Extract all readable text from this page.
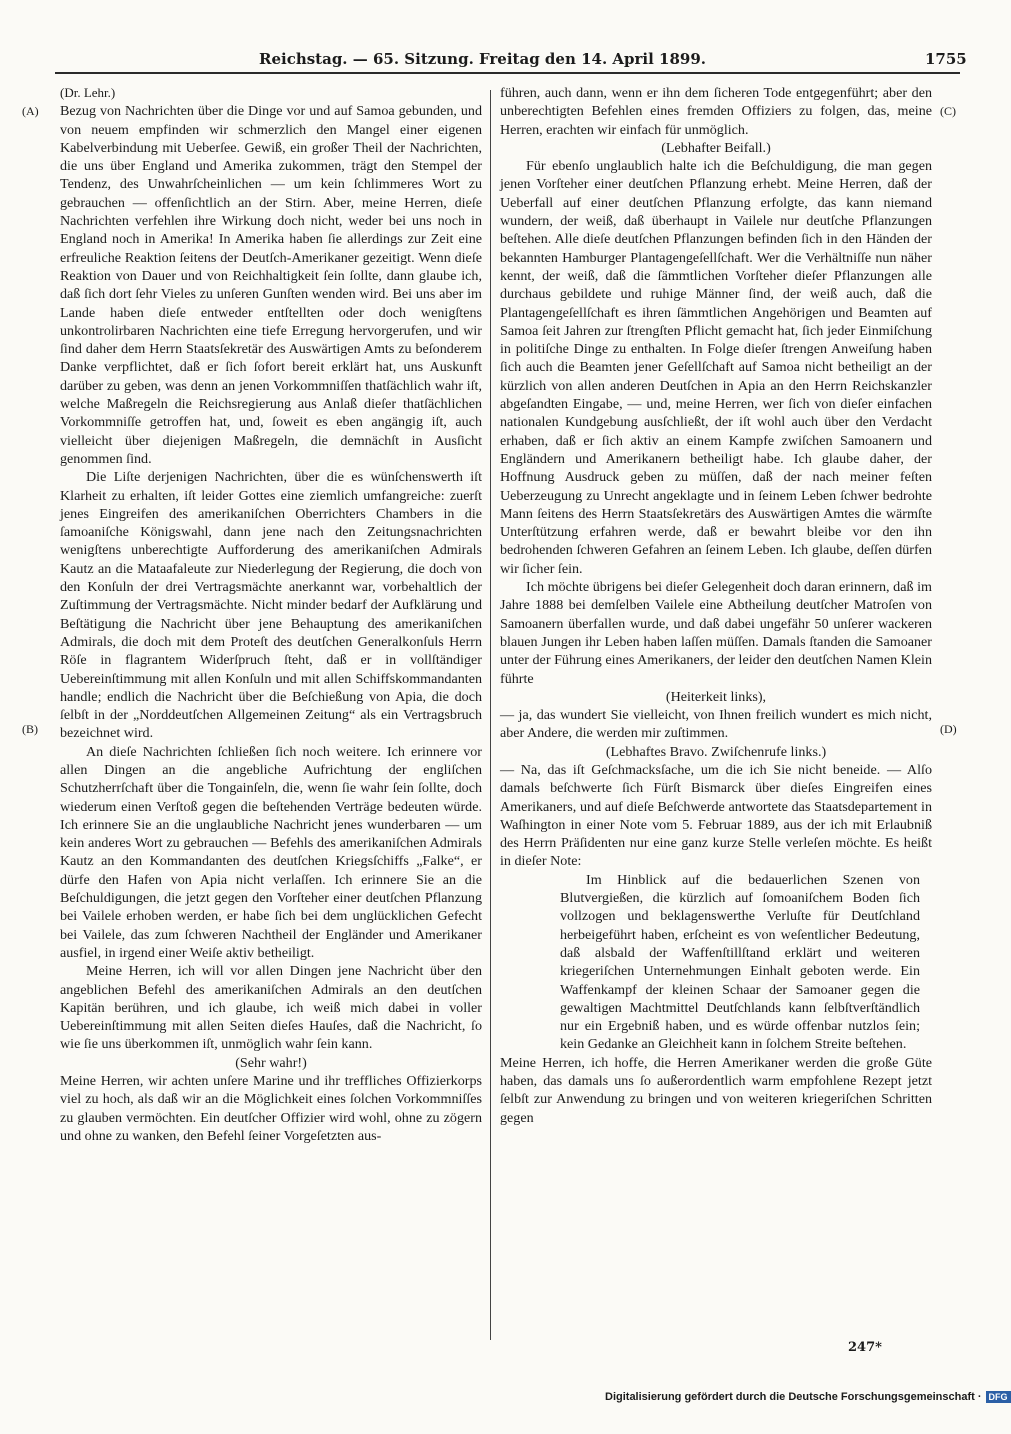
Reichstag. — 65. Sitzung. Freitag den 14. April 1899.	1755
(A)
(B)
(C)
(D)

(Dr. Lehr.)

Bezug von Nachrichten über die Dinge vor und auf Samoa gebunden, und von neuem empfinden wir schmerzlich den Mangel einer eigenen Kabelverbindung mit Ueberſee. Gewiß, ein großer Theil der Nachrichten, die uns über England und Amerika zukommen, trägt den Stempel der Tendenz, des Unwahrſcheinlichen — um kein ſchlimmeres Wort zu gebrauchen — offenſichtlich an der Stirn. Aber, meine Herren, dieſe Nachrichten verfehlen ihre Wirkung doch nicht, weder bei uns noch in England noch in Amerika! In Amerika haben ſie allerdings zur Zeit eine erfreuliche Reaktion ſeitens der Deutſch-Amerikaner gezeitigt. Wenn dieſe Reaktion von Dauer und von Reichhaltigkeit ſein ſollte, dann glaube ich, daß ſich dort ſehr Vieles zu unſeren Gunſten wenden wird. Bei uns aber im Lande haben dieſe entweder entſtellten oder doch wenigſtens unkontrolirbaren Nachrichten eine tiefe Erregung hervorgerufen, und wir ſind daher dem Herrn Staatsſekretär des Auswärtigen Amts zu beſonderem Danke verpflichtet, daß er ſich ſofort bereit erklärt hat, uns Auskunft darüber zu geben, was denn an jenen Vorkommniſſen thatſächlich wahr iſt, welche Maßregeln die Reichsregierung aus Anlaß dieſer thatſächlichen Vorkommniſſe getroffen hat, und, ſoweit es eben angängig iſt, auch vielleicht über diejenigen Maßregeln, die demnächſt in Ausſicht genommen ſind.

Die Liſte derjenigen Nachrichten, über die es wünſchenswerth iſt Klarheit zu erhalten, iſt leider Gottes eine ziemlich umfangreiche: zuerſt jenes Eingreifen des amerikaniſchen Oberrichters Chambers in die ſamoaniſche Königswahl, dann jene nach den Zeitungsnachrichten wenigſtens unberechtigte Aufforderung des amerikaniſchen Admirals Kautz an die Mataafaleute zur Niederlegung der Regierung, die doch von den Konſuln der drei Vertragsmächte anerkannt war, vorbehaltlich der Zuſtimmung der Vertragsmächte. Nicht minder bedarf der Aufklärung und Beſtätigung die Nachricht über jene Behauptung des amerikaniſchen Admirals, die doch mit dem Proteſt des deutſchen Generalkonſuls Herrn Röſe in flagrantem Widerſpruch ſteht, daß er in vollſtändiger Uebereinſtimmung mit allen Konſuln und mit allen Schiffskommandanten handle; endlich die Nachricht über die Beſchießung von Apia, die doch ſelbſt in der „Norddeutſchen Allgemeinen Zeitung“ als ein Vertragsbruch bezeichnet wird.

An dieſe Nachrichten ſchließen ſich noch weitere. Ich erinnere vor allen Dingen an die angebliche Aufrichtung der engliſchen Schutzherrſchaft über die Tongainſeln, die, wenn ſie wahr ſein ſollte, doch wiederum einen Verſtoß gegen die beſtehenden Verträge bedeuten würde. Ich erinnere Sie an die unglaubliche Nachricht jenes wunderbaren — um kein anderes Wort zu gebrauchen — Befehls des amerikaniſchen Admirals Kautz an den Kommandanten des deutſchen Kriegsſchiffs „Falke“, er dürfe den Hafen von Apia nicht verlaſſen. Ich erinnere Sie an die Beſchuldigungen, die jetzt gegen den Vorſteher einer deutſchen Pflanzung bei Vailele erhoben werden, er habe ſich bei dem unglücklichen Gefecht bei Vailele, das zum ſchweren Nachtheil der Engländer und Amerikaner ausfiel, in irgend einer Weiſe aktiv betheiligt.

Meine Herren, ich will vor allen Dingen jene Nachricht über den angeblichen Befehl des amerikaniſchen Admirals an den deutſchen Kapitän berühren, und ich glaube, ich weiß mich dabei in voller Uebereinſtimmung mit allen Seiten dieſes Hauſes, daß die Nachricht, ſo wie ſie uns überkommen iſt, unmöglich wahr ſein kann.

(Sehr wahr!)

Meine Herren, wir achten unſere Marine und ihr treffliches Offizierkorps viel zu hoch, als daß wir an die Möglichkeit eines ſolchen Vorkommniſſes zu glauben vermöchten. Ein deutſcher Offizier wird wohl, ohne zu zögern und ohne zu wanken, den Befehl ſeiner Vorgeſetzten aus-

führen, auch dann, wenn er ihn dem ſicheren Tode entgegenführt; aber den unberechtigten Befehlen eines fremden Offiziers zu folgen, das, meine Herren, erachten wir einfach für unmöglich.

(Lebhafter Beifall.)

Für ebenſo unglaublich halte ich die Beſchuldigung, die man gegen jenen Vorſteher einer deutſchen Pflanzung erhebt. Meine Herren, daß der Ueberfall auf einer deutſchen Pflanzung erfolgte, das kann niemand wundern, der weiß, daß überhaupt in Vailele nur deutſche Pflanzungen beſtehen. Alle dieſe deutſchen Pflanzungen befinden ſich in den Händen der bekannten Hamburger Plantagengeſellſchaft. Wer die Verhältniſſe nun näher kennt, der weiß, daß die ſämmtlichen Vorſteher dieſer Pflanzungen alle durchaus gebildete und ruhige Männer ſind, der weiß auch, daß die Plantagengeſellſchaft es ihren ſämmtlichen Angehörigen und Beamten auf Samoa ſeit Jahren zur ſtrengſten Pflicht gemacht hat, ſich jeder Einmiſchung in politiſche Dinge zu enthalten. In Folge dieſer ſtrengen Anweiſung haben ſich auch die Beamten jener Geſellſchaft auf Samoa nicht betheiligt an der kürzlich von allen anderen Deutſchen in Apia an den Herrn Reichskanzler abgeſandten Eingabe, — und, meine Herren, wer ſich von dieſer einfachen nationalen Kundgebung ausſchließt, der iſt wohl auch über den Verdacht erhaben, daß er ſich aktiv an einem Kampfe zwiſchen Samoanern und Engländern und Amerikanern betheiligt habe. Ich glaube daher, der Hoffnung Ausdruck geben zu müſſen, daß der nach meiner feſten Ueberzeugung zu Unrecht angeklagte und in ſeinem Leben ſchwer bedrohte Mann ſeitens des Herrn Staatsſekretärs des Auswärtigen Amtes die wärmſte Unterſtützung erfahren werde, daß er bewahrt bleibe vor den ihn bedrohenden ſchweren Gefahren an ſeinem Leben. Ich glaube, deſſen dürfen wir ſicher ſein.

Ich möchte übrigens bei dieſer Gelegenheit doch daran erinnern, daß im Jahre 1888 bei demſelben Vailele eine Abtheilung deutſcher Matroſen von Samoanern überfallen wurde, und daß dabei ungefähr 50 unſerer wackeren blauen Jungen ihr Leben haben laſſen müſſen. Damals ſtanden die Samoaner unter der Führung eines Amerikaners, der leider den deutſchen Namen Klein führte

(Heiterkeit links),

— ja, das wundert Sie vielleicht, von Ihnen freilich wundert es mich nicht, aber Andere, die werden mir zuſtimmen.

(Lebhaftes Bravo. Zwiſchenrufe links.)

— Na, das iſt Geſchmacksſache, um die ich Sie nicht beneide. — Alſo damals beſchwerte ſich Fürſt Bismarck über dieſes Eingreifen eines Amerikaners, und auf dieſe Beſchwerde antwortete das Staatsdepartement in Waſhington in einer Note vom 5. Februar 1889, aus der ich mit Erlaubniß des Herrn Präſidenten nur eine ganz kurze Stelle verleſen möchte. Es heißt in dieſer Note:

Im Hinblick auf die bedauerlichen Szenen von Blutvergießen, die kürzlich auf ſomoaniſchem Boden ſich vollzogen und beklagenswerthe Verluſte für Deutſchland herbeigeführt haben, erſcheint es von weſentlicher Bedeutung, daß alsbald der Waffenſtillſtand erklärt und weiteren kriegeriſchen Unternehmungen Einhalt geboten werde. Ein Waffenkampf der kleinen Schaar der Samoaner gegen die gewaltigen Machtmittel Deutſchlands kann ſelbſtverſtändlich nur ein Ergebniß haben, und es würde offenbar nutzlos ſein; kein Gedanke an Gleichheit kann in ſolchem Streite beſtehen.

Meine Herren, ich hoffe, die Herren Amerikaner werden die große Güte haben, das damals uns ſo außerordentlich warm empfohlene Rezept jetzt ſelbſt zur Anwendung zu bringen und von weiteren kriegeriſchen Schritten gegen

247*
Digitalisierung gefördert durch die Deutsche Forschungsgemeinschaft · DFG
